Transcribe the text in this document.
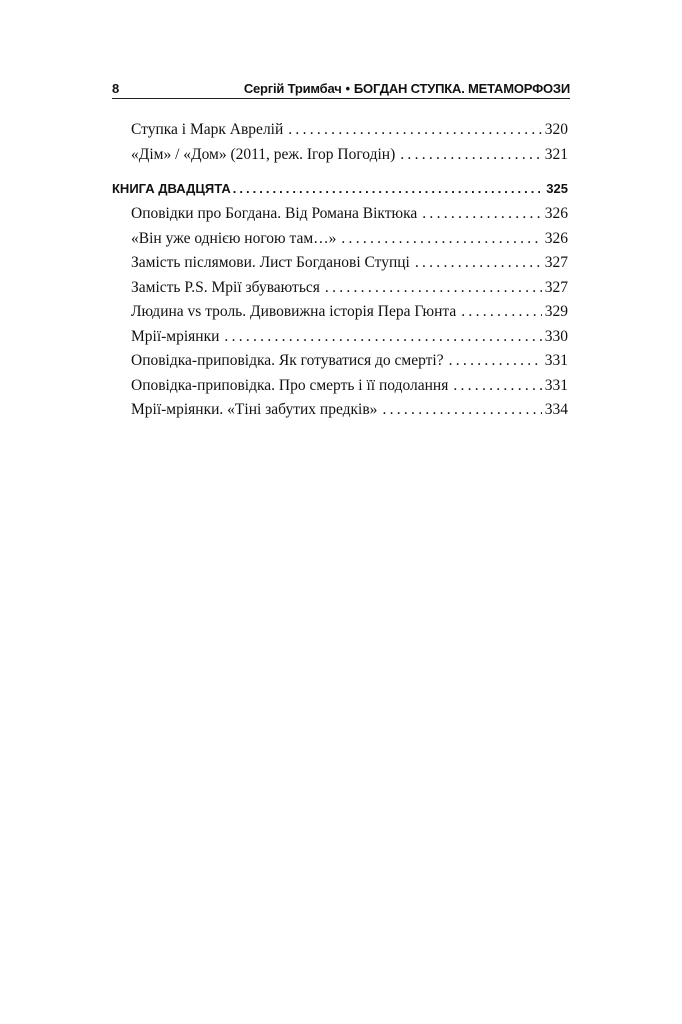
8	Сергій Тримбач • БОГДАН СТУПКА. МЕТАМОРФОЗИ
Ступка і Марк Аврелій . . .	320
«Дім» / «Дом» (2011, реж. Ігор Погодін) . . .	321
КНИГА ДВАДЦЯТА . . .	325
Оповідки про Богдана. Від Романа Віктюка . . .	326
«Він уже однією ногою там…» . . .	326
Замість післямови. Лист Богданові Ступці . . .	327
Замість P.S. Мрії збуваються . . .	327
Людина vs троль. Дивовижна історія Пера Гюнта . . .	329
Мрії-мріянки . . .	330
Оповідка-приповідка. Як готуватися до смерті? . . .	331
Оповідка-приповідка. Про смерть і її подолання . . .	331
Мрії-мріянки. «Тіні забутих предків» . . .	334
